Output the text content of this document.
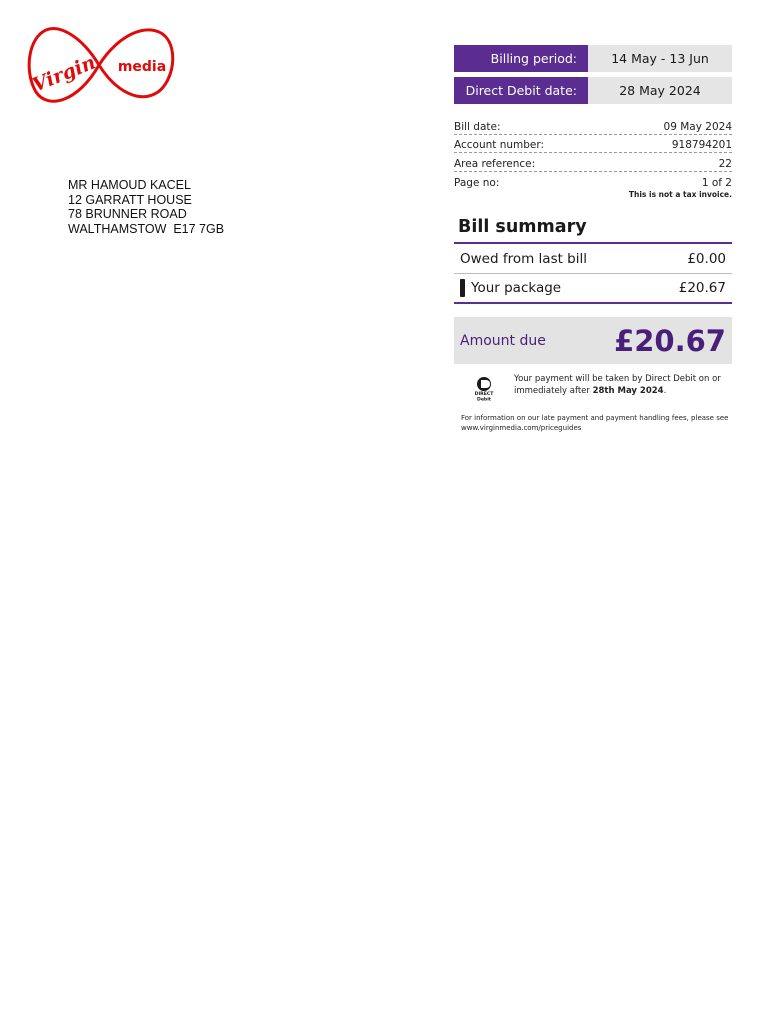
Virgin media
MR HAMOUD KACEL
12 GARRATT HOUSE
78 BRUNNER ROAD
WALTHAMSTOW  E17 7GB
Billing period:	14 May - 13 Jun
Direct Debit date:	28 May 2024
Bill date:	09 May 2024
Account number:	918794201
Area reference:	22
Page no:	1 of 2
This is not a tax invoice.
Bill summary
Owed from last bill	£0.00
Your package	£20.67
Amount due £20.67
DIRECT
Debit
Your payment will be taken by Direct Debit on or immediately after 28th May 2024.
For information on our late payment and payment handling fees, please see www.virginmedia.com/priceguides
